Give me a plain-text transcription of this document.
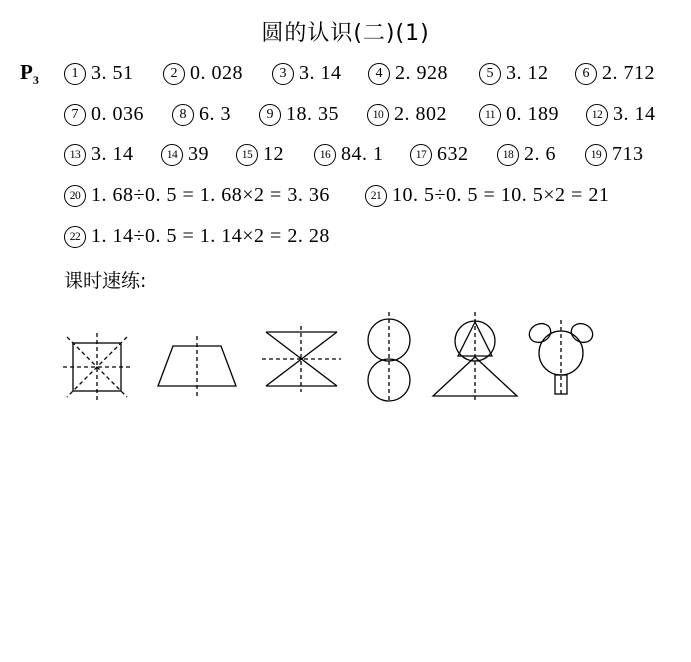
圆的认识(二)(1)
$P_3$	1 3. 51	2 0. 028	3 3. 14	4 2. 928	5 3. 12	6 2. 712
7 0. 036	8 6. 3	9 18. 35	10 2. 802	11 0. 189	12 3. 14
13 3. 14	14 39	15 12	16 84. 1	17 632	18 2. 6	19 713
20 1. 68÷0. 5 = 1. 68×2 = 3. 36	21 10. 5÷0. 5 = 10. 5×2 = 21
22 1. 14÷0. 5 = 1. 14×2 = 2. 28
课时速练:
